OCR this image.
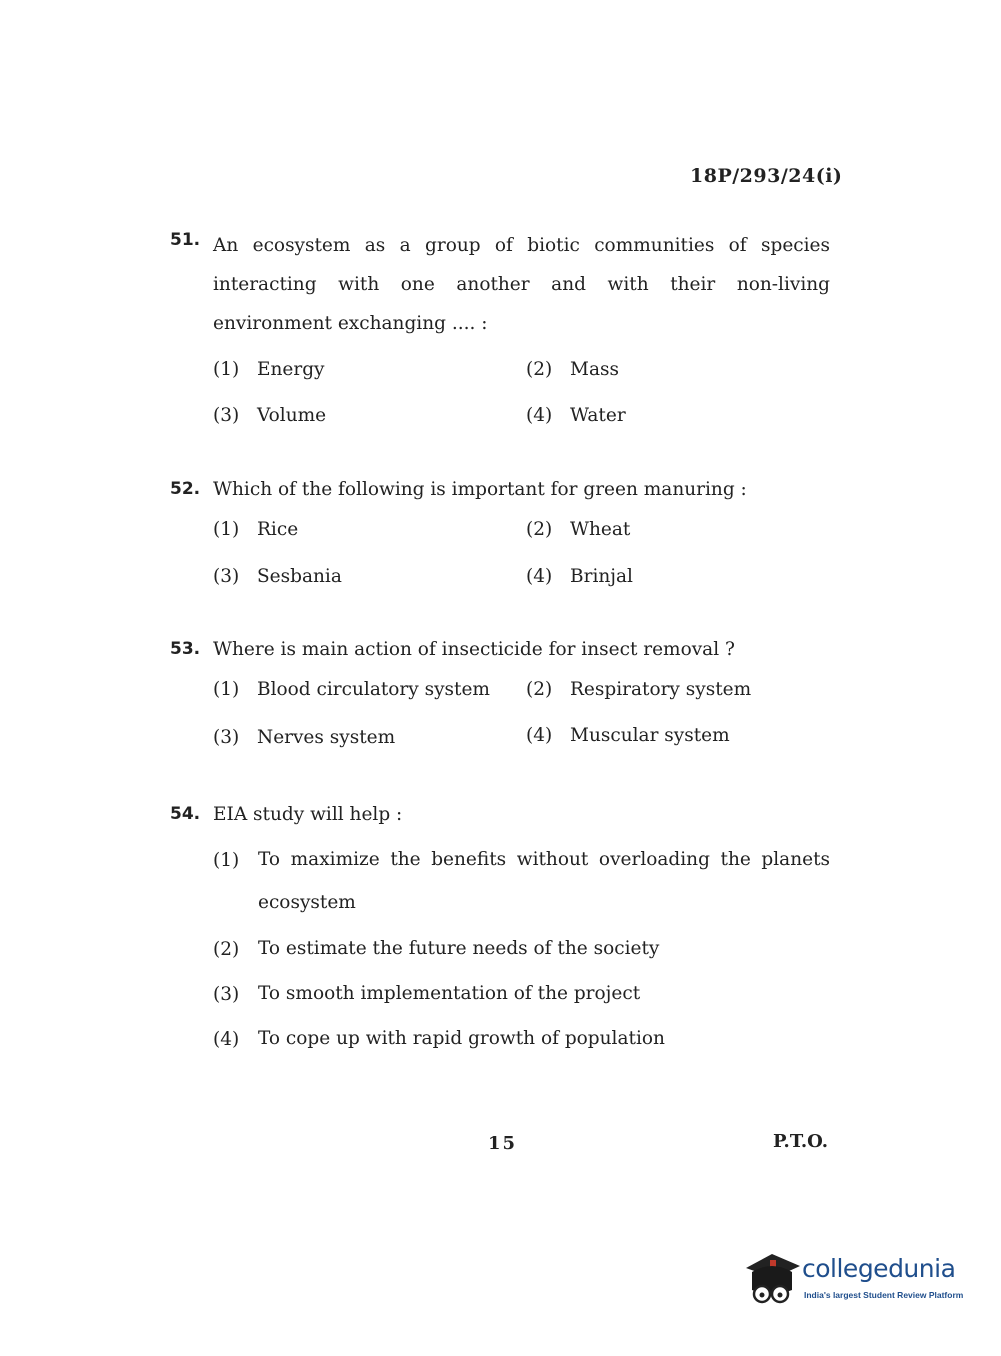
18P/293/24(i)
51. An ecosystem as a group of biotic communities of species interacting with one another and with their non-living environment exchanging .... :
(1) Energy	(2) Mass
(3) Volume	(4) Water
52. Which of the following is important for green manuring :
(1) Rice	(2) Wheat
(3) Sesbania	(4) Brinjal
53. Where is main action of insecticide for insect removal ?
(1) Blood circulatory system (2) Respiratory system
(3) Nerves system	(4) Muscular system
54. EIA study will help :
(1) To maximize the benefits without overloading the planets ecosystem
(2) To estimate the future needs of the society
(3) To smooth implementation of the project
(4) To cope up with rapid growth of population
15	P.T.O.
collegedunia
India's largest Student Review Platform
